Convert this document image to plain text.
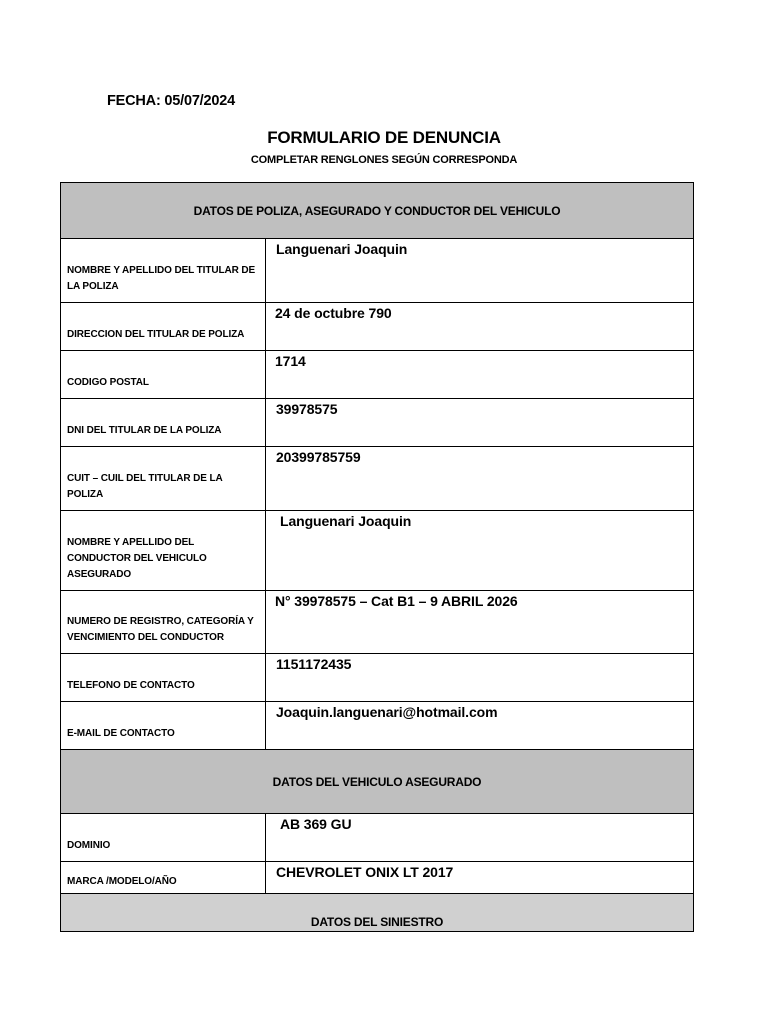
FECHA: 05/07/2024
FORMULARIO DE DENUNCIA
COMPLETAR RENGLONES SEGÚN CORRESPONDA
DATOS DE POLIZA, ASEGURADO Y CONDUCTOR DEL VEHICULO	
NOMBRE Y APELLIDO DEL TITULAR DE LA POLIZA	Languenari Joaquin
DIRECCION DEL TITULAR DE POLIZA	24 de octubre 790
CODIGO POSTAL	1714
DNI DEL TITULAR DE LA POLIZA	39978575
CUIT – CUIL DEL TITULAR DE LA POLIZA	20399785759
NOMBRE Y APELLIDO DEL CONDUCTOR DEL VEHICULO ASEGURADO	Languenari Joaquin
NUMERO DE REGISTRO, CATEGORÍA Y VENCIMIENTO DEL CONDUCTOR	N° 39978575 – Cat B1 – 9 ABRIL 2026
TELEFONO DE CONTACTO	1151172435
E-MAIL DE CONTACTO	Joaquin.languenari@hotmail.com
DATOS DEL VEHICULO ASEGURADO	
DOMINIO	AB 369 GU
MARCA /MODELO/AÑO	CHEVROLET ONIX LT 2017
DATOS DEL SINIESTRO	
